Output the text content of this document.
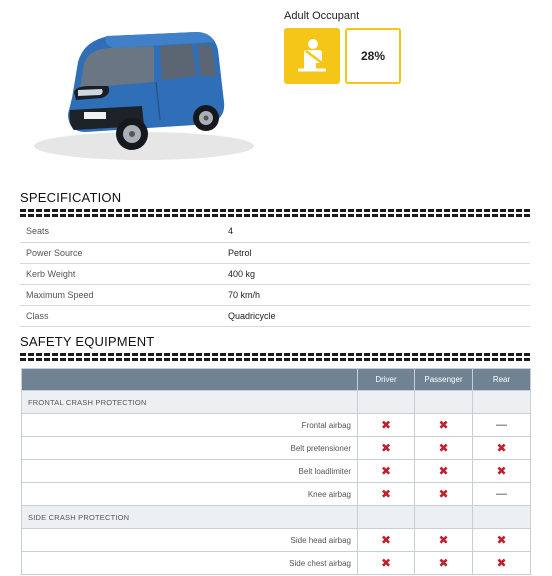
Adult Occupant
28%
SPECIFICATION
Seats	4
Power Source	Petrol
Kerb Weight	400 kg
Maximum Speed	70 km/h
Class	Quadricycle
SAFETY EQUIPMENT
	Driver	Passenger	Rear
FRONTAL CRASH PROTECTION			
Frontal airbag	✖	✖	—
Belt pretensioner	✖	✖	✖
Belt loadlimiter	✖	✖	✖
Knee airbag	✖	✖	—
SIDE CRASH PROTECTION			
Side head airbag	✖	✖	✖
Side chest airbag	✖	✖	✖
